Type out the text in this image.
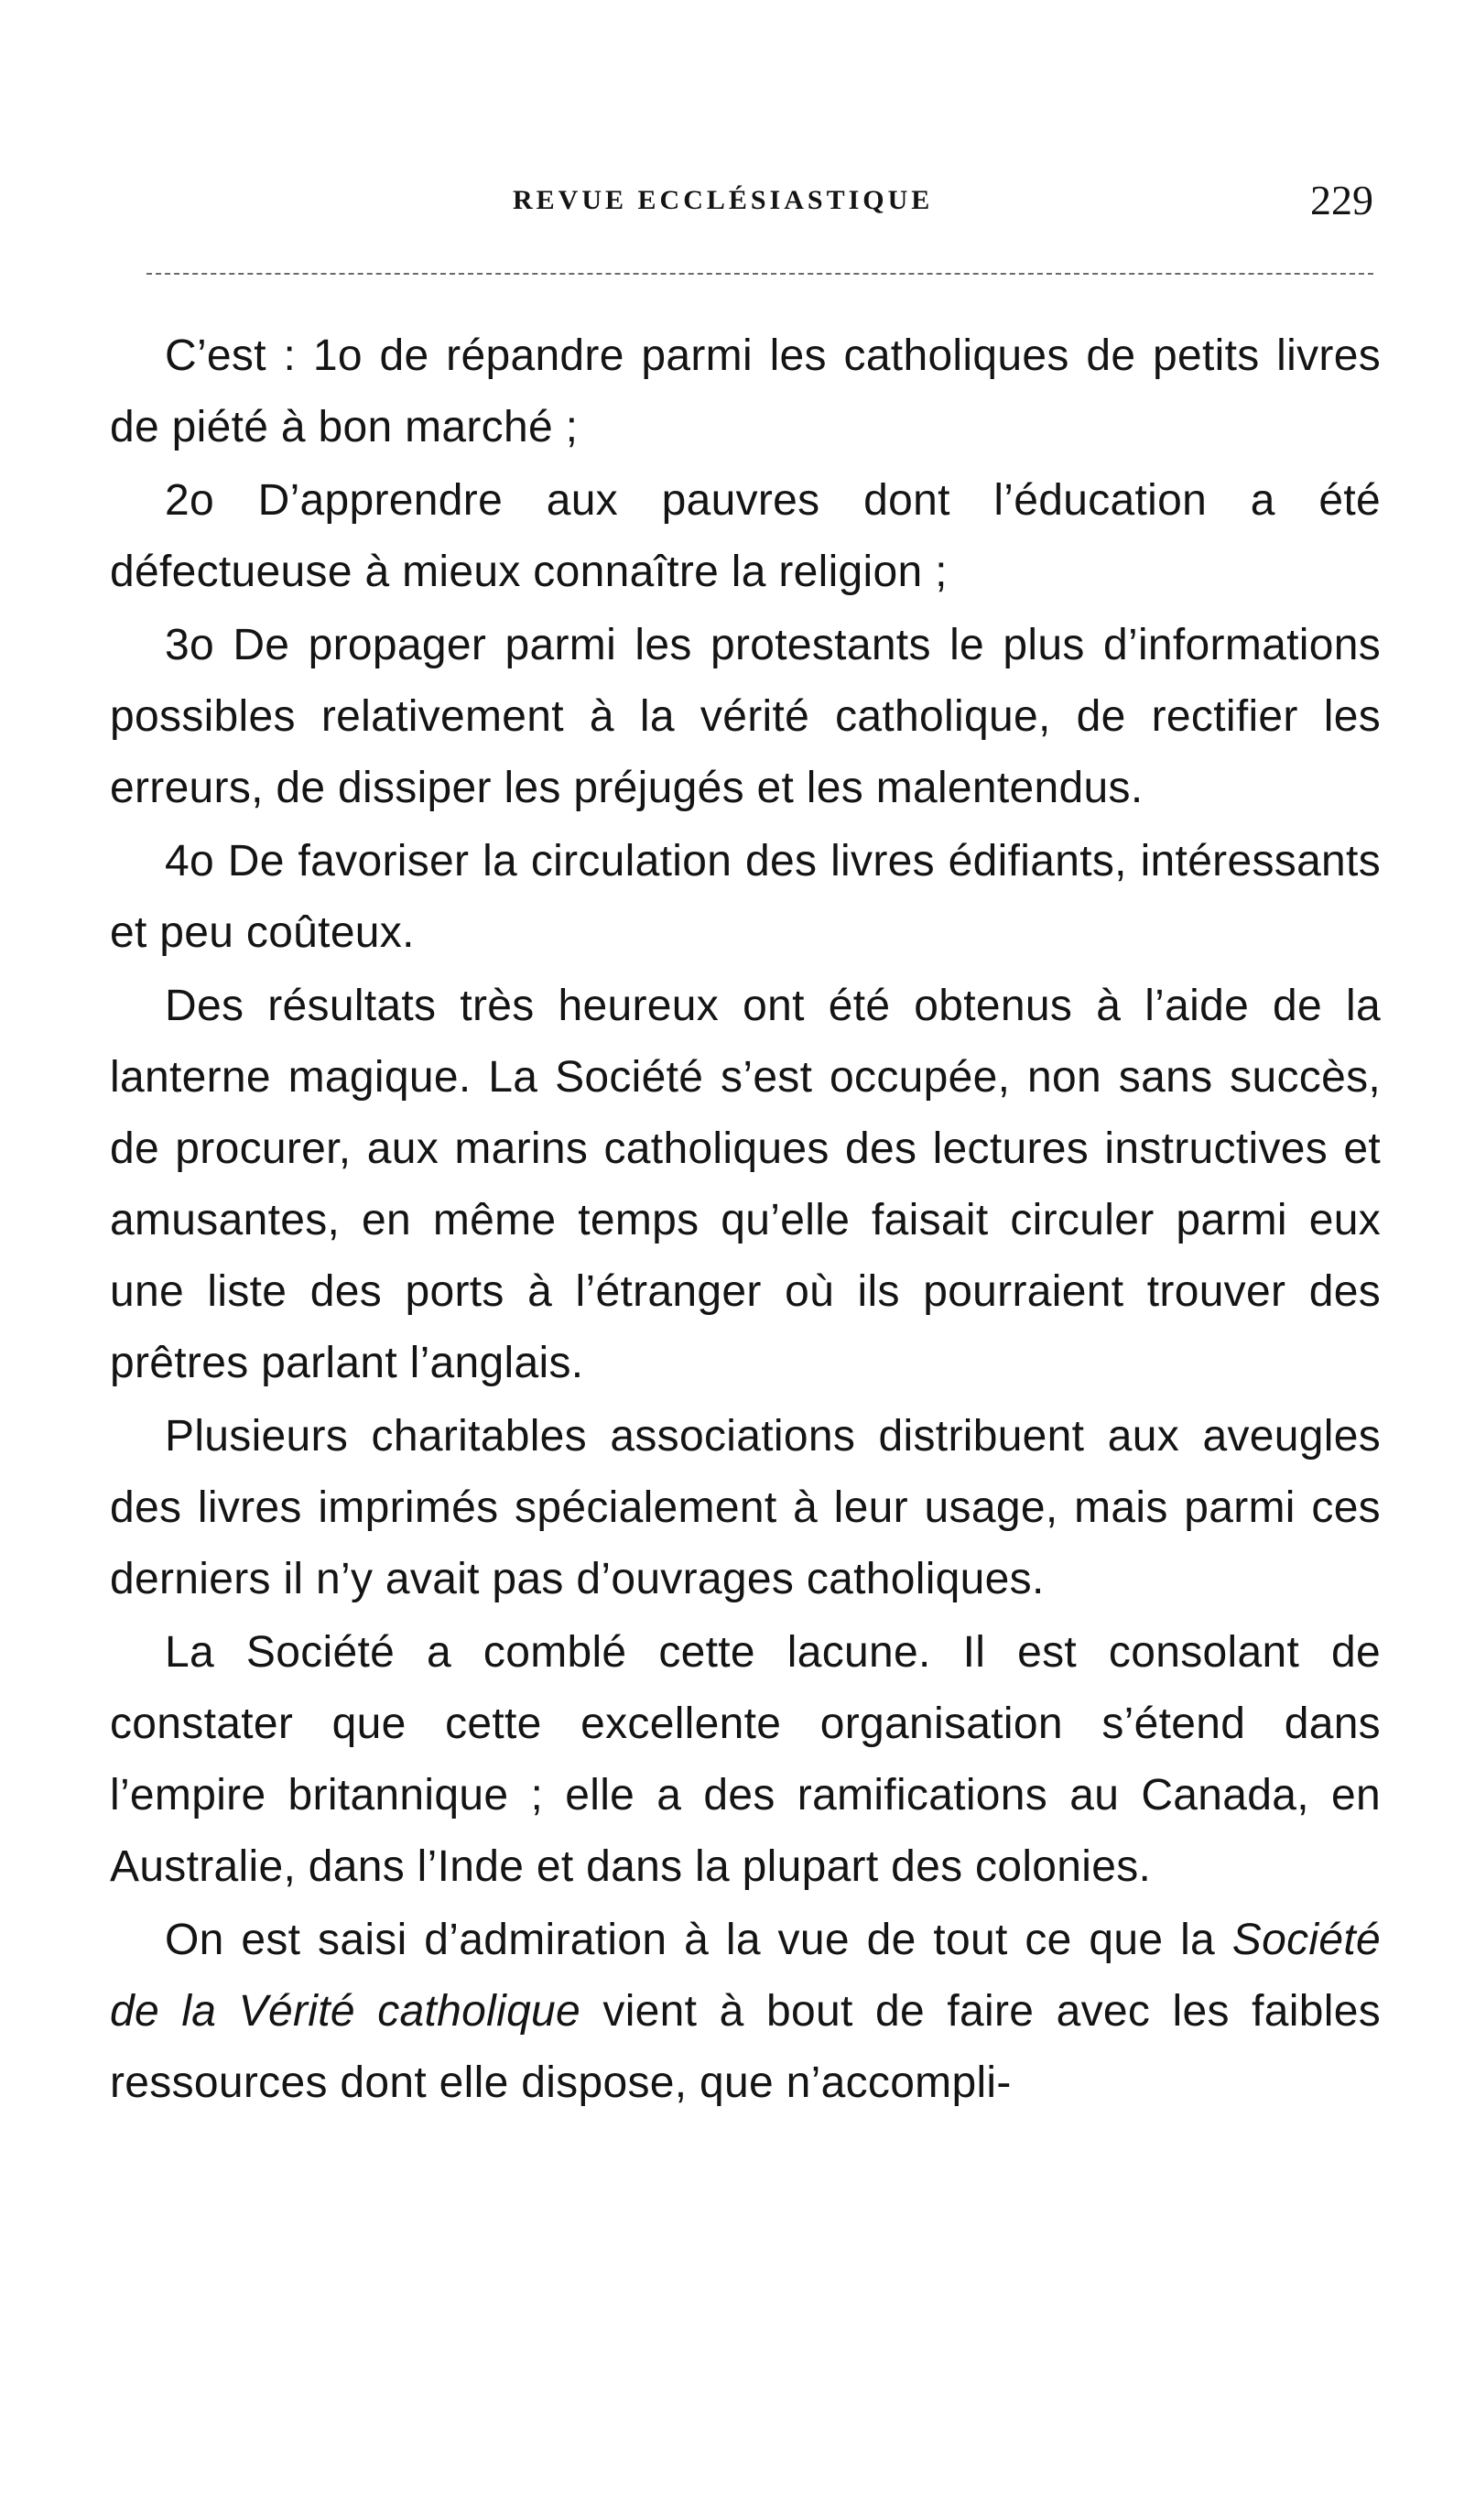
REVUE ECCLÉSIASTIQUE	229

C’est : 1o de répandre parmi les catholiques de petits livres de piété à bon marché ;

2o D’apprendre aux pauvres dont l’éducation a été défectueuse à mieux connaître la religion ;

3o De propager parmi les protestants le plus d’informations possibles relativement à la vérité catholique, de rectifier les erreurs, de dissiper les préjugés et les malentendus.

4o De favoriser la circulation des livres édifiants, intéressants et peu coûteux.

Des résultats très heureux ont été obtenus à l’aide de la lanterne magique. La Société s’est occupée, non sans succès, de procurer, aux marins catholiques des lectures instructives et amusantes, en même temps qu’elle faisait circuler parmi eux une liste des ports à l’étranger où ils pourraient trouver des prêtres parlant l’anglais.

Plusieurs charitables associations distribuent aux aveugles des livres imprimés spécialement à leur usage, mais parmi ces derniers il n’y avait pas d’ouvrages catholiques.

La Société a comblé cette lacune. Il est consolant de constater que cette excellente organisation s’étend dans l’empire britannique ; elle a des ramifications au Canada, en Australie, dans l’Inde et dans la plupart des colonies.

On est saisi d’admiration à la vue de tout ce que la Société de la Vérité catholique vient à bout de faire avec les faibles ressources dont elle dispose, que n’accompli-
